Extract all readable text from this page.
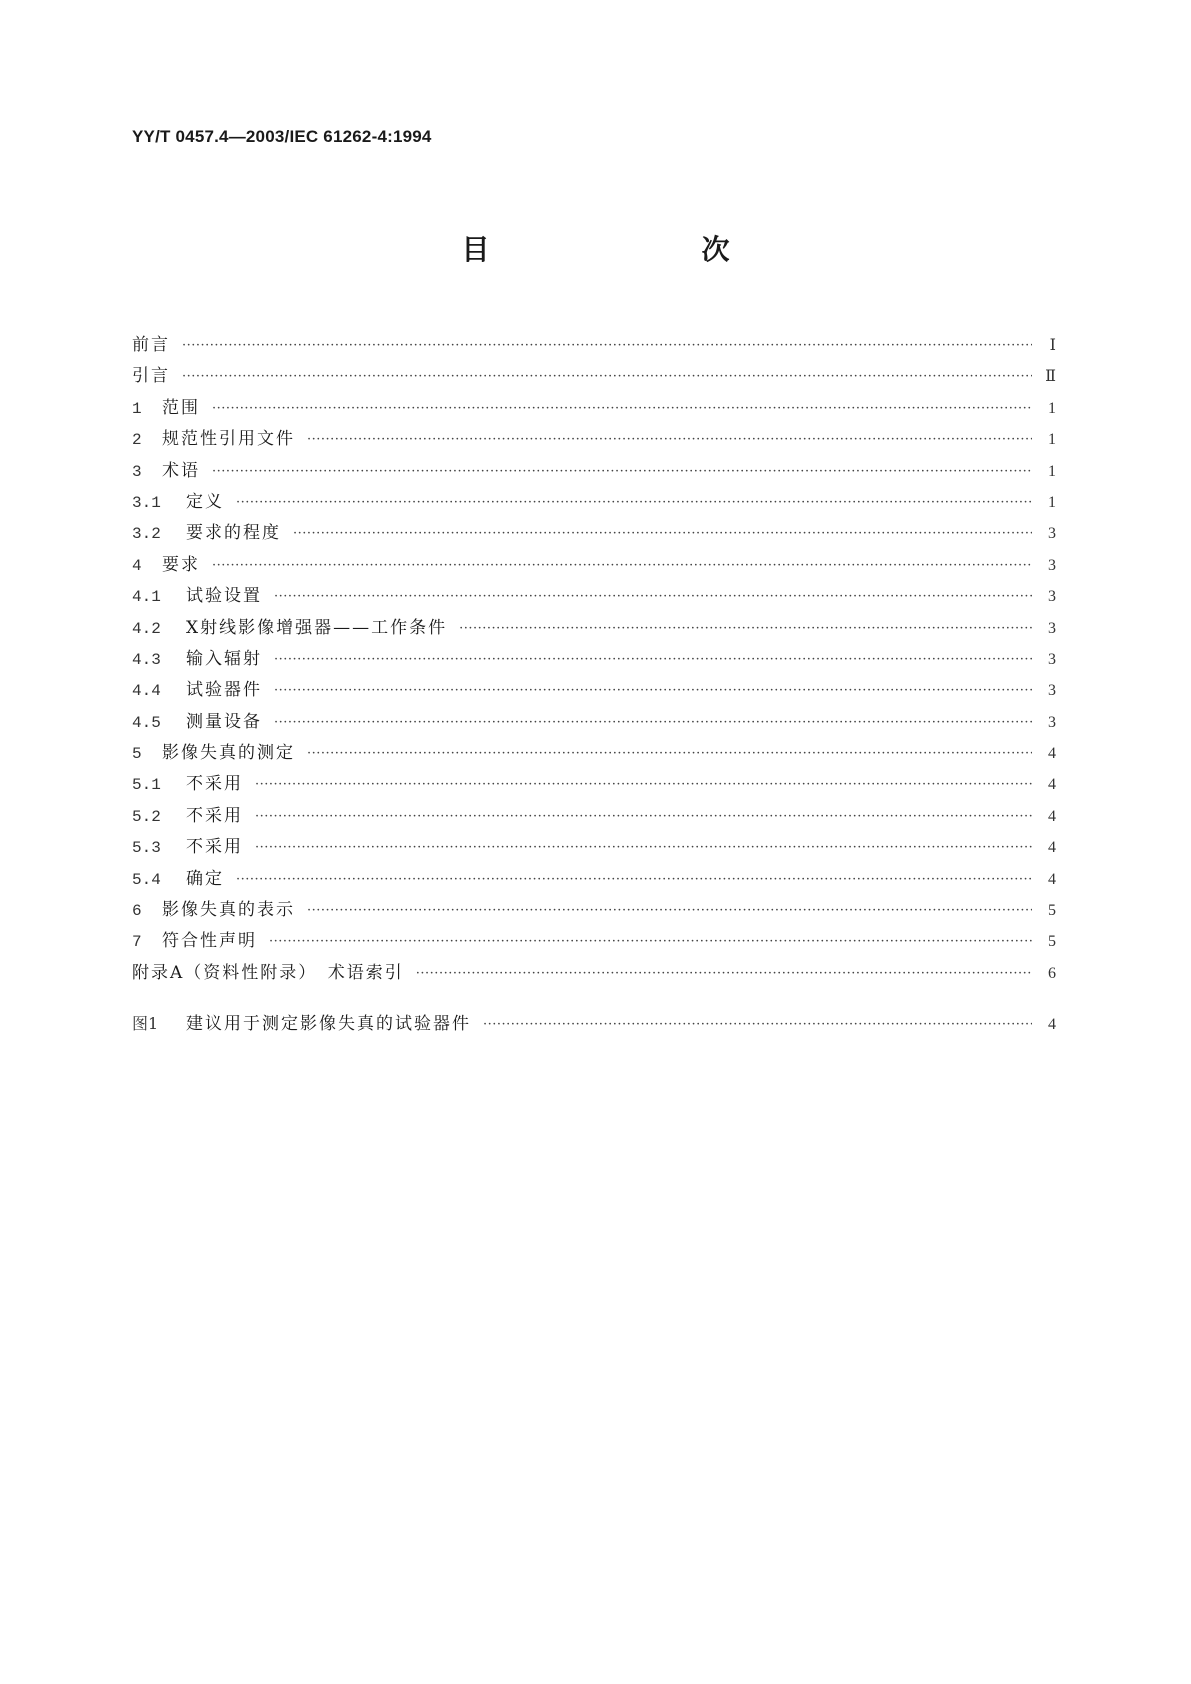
YY/T 0457.4—2003/IEC 61262-4:1994
目　　次
前言 ·····	Ⅰ
引言 ·····	Ⅱ
1	范围 ·····	1
2	规范性引用文件 ·····	1
3	术语 ·····	1
3.1	定义 ·····	1
3.2	要求的程度 ·····	3
4	要求 ·····	3
4.1	试验设置 ·····	3
4.2	X射线影像增强器——工作条件 ·····	3
4.3	输入辐射 ·····	3
4.4	试验器件 ·····	3
4.5	测量设备 ·····	3
5	影像失真的测定 ·····	4
5.1	不采用 ·····	4
5.2	不采用 ·····	4
5.3	不采用 ·····	4
5.4	确定 ·····	4
6	影像失真的表示 ·····	5
7	符合性声明 ·····	5
附录A（资料性附录）　术语索引 ·····	6
图1	建议用于测定影像失真的试验器件 ·····	4
